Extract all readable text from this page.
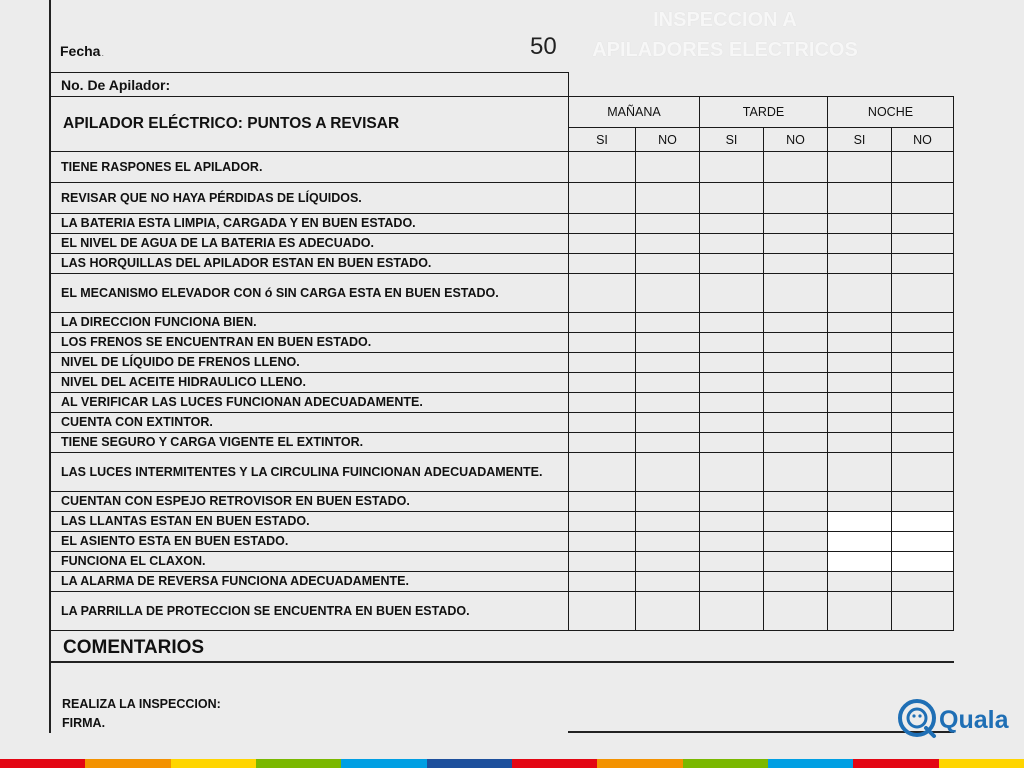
Fecha.	50
INSPECCION A
APILADORES ELECTRICOS
No. De Apilador:						
APILADOR ELÉCTRICO: PUNTOS A REVISAR	MAÑANA		TARDE		NOCHE	
	SI	NO	SI	NO	SI	NO
TIENE RASPONES EL APILADOR.						
REVISAR QUE NO HAYA PÉRDIDAS DE LÍQUIDOS.						
LA BATERIA ESTA LIMPIA, CARGADA Y EN BUEN ESTADO.						
EL NIVEL DE AGUA DE LA BATERIA ES ADECUADO.						
LAS HORQUILLAS DEL APILADOR ESTAN EN BUEN ESTADO.						
EL MECANISMO ELEVADOR CON ó SIN CARGA ESTA EN BUEN ESTADO.						
LA DIRECCION FUNCIONA BIEN.						
LOS FRENOS SE ENCUENTRAN EN BUEN ESTADO.						
NIVEL DE LÍQUIDO DE FRENOS LLENO.						
NIVEL DEL ACEITE HIDRAULICO LLENO.						
AL VERIFICAR LAS LUCES FUNCIONAN ADECUADAMENTE.						
CUENTA CON EXTINTOR.						
TIENE SEGURO Y CARGA VIGENTE EL EXTINTOR.						
LAS LUCES INTERMITENTES Y LA CIRCULINA FUINCIONAN ADECUADAMENTE.						
CUENTAN CON ESPEJO RETROVISOR EN BUEN ESTADO.						
LAS LLANTAS ESTAN EN BUEN ESTADO.						
EL ASIENTO ESTA EN BUEN ESTADO.						
FUNCIONA EL CLAXON.						
LA ALARMA DE REVERSA FUNCIONA ADECUADAMENTE.						
LA PARRILLA DE PROTECCION SE ENCUENTRA EN BUEN ESTADO.						
COMENTARIOS
REALIZA LA INSPECCION:
FIRMA.	Quala
